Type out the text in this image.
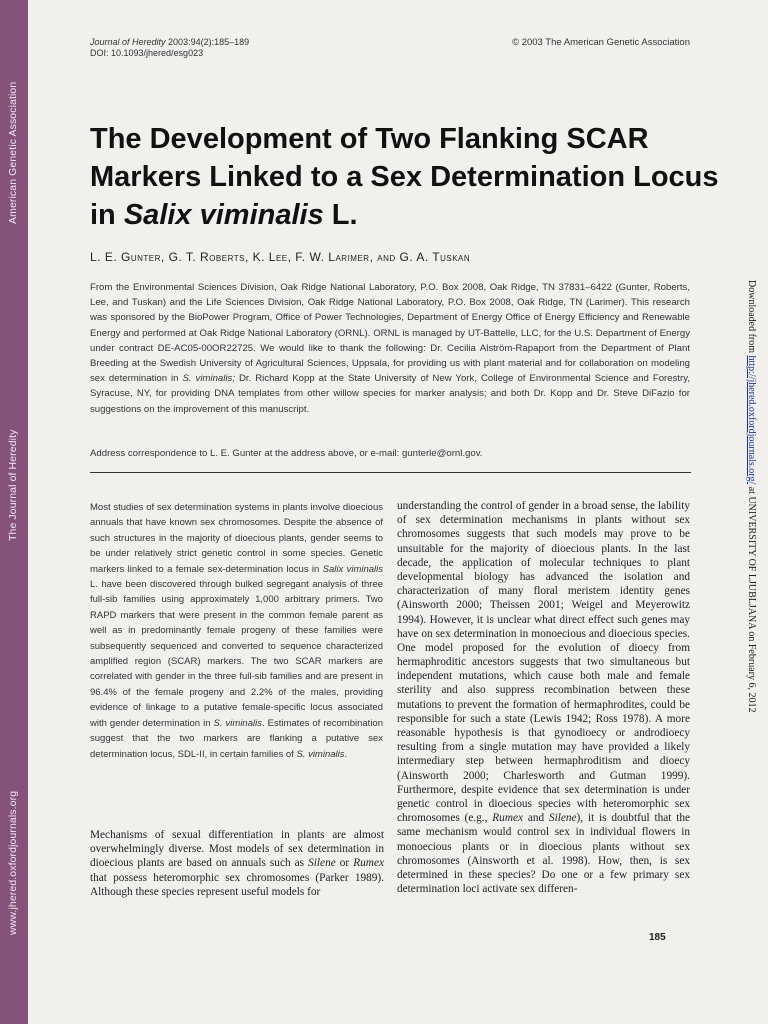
American Genetic Association
The Journal of Heredity
www.jhered.oxfordjournals.org
Journal of Heredity 2003:94(2):185–189
DOI: 10.1093/jhered/esg023
© 2003 The American Genetic Association
The Development of Two Flanking SCAR Markers Linked to a Sex Determination Locus in Salix viminalis L.
L. E. Gunter, G. T. Roberts, K. Lee, F. W. Larimer, and G. A. Tuskan
From the Environmental Sciences Division, Oak Ridge National Laboratory, P.O. Box 2008, Oak Ridge, TN 37831–6422 (Gunter, Roberts, Lee, and Tuskan) and the Life Sciences Division, Oak Ridge National Laboratory, P.O. Box 2008, Oak Ridge, TN (Larimer). This research was sponsored by the BioPower Program, Office of Power Technologies, Department of Energy Office of Energy Efficiency and Renewable Energy and performed at Oak Ridge National Laboratory (ORNL). ORNL is managed by UT-Battelle, LLC, for the U.S. Department of Energy under contract DE-AC05-00OR22725. We would like to thank the following: Dr. Cecilia Alström-Rapaport from the Department of Plant Breeding at the Swedish University of Agricultural Sciences, Uppsala, for providing us with plant material and for collaboration on modeling sex determination in S. viminalis; Dr. Richard Kopp at the State University of New York, College of Environmental Science and Forestry, Syracuse, NY, for providing DNA templates from other willow species for marker analysis; and both Dr. Kopp and Dr. Steve DiFazio for suggestions on the improvement of this manuscript.
Address correspondence to L. E. Gunter at the address above, or e-mail: gunterle@ornl.gov.
Most studies of sex determination systems in plants involve dioecious annuals that have known sex chromosomes. Despite the absence of such structures in the majority of dioecious plants, gender seems to be under relatively strict genetic control in some species. Genetic markers linked to a female sex-determination locus in Salix viminalis L. have been discovered through bulked segregant analysis of three full-sib families using approximately 1,000 arbitrary primers. Two RAPD markers that were present in the common female parent as well as in predominantly female progeny of these families were subsequently sequenced and converted to sequence characterized amplified region (SCAR) markers. The two SCAR markers are correlated with gender in the three full-sib families and are present in 96.4% of the female progeny and 2.2% of the males, providing evidence of linkage to a putative female-specific locus associated with gender determination in S. viminalis. Estimates of recombination suggest that the two markers are flanking a putative sex determination locus, SDL-II, in certain families of S. viminalis.
Mechanisms of sexual differentiation in plants are almost overwhelmingly diverse. Most models of sex determination in dioecious plants are based on annuals such as Silene or Rumex that possess heteromorphic sex chromosomes (Parker 1989). Although these species represent useful models for
understanding the control of gender in a broad sense, the lability of sex determination mechanisms in plants without sex chromosomes suggests that such models may prove to be unsuitable for the majority of dioecious plants. In the last decade, the application of molecular techniques to plant developmental biology has advanced the isolation and characterization of many floral meristem identity genes (Ainsworth 2000; Theissen 2001; Weigel and Meyerowitz 1994). However, it is unclear what direct effect such genes may have on sex determination in monoecious and dioecious species. One model proposed for the evolution of dioecy from hermaphroditic ancestors suggests that two simultaneous but independent mutations, which cause both male and female sterility and also suppress recombination between these mutations to prevent the formation of hermaphrodites, could be responsible for such a state (Lewis 1942; Ross 1978). A more reasonable hypothesis is that gynodioecy or androdioecy resulting from a single mutation may have provided a likely intermediary step between hermaphroditism and dioecy (Ainsworth 2000; Charlesworth and Gutman 1999). Furthermore, despite evidence that sex determination is under genetic control in dioecious species with heteromorphic sex chromosomes (e.g., Rumex and Silene), it is doubtful that the same mechanism would control sex in individual flowers in monoecious plants or in dioecious plants without sex chromosomes (Ainsworth et al. 1998). How, then, is sex determined in these species? Do one or a few primary sex determination loci activate sex differen-
185
Downloaded from http://jhered.oxfordjournals.org/ at UNIVERSITY OF LJUBLJANA on February 6, 2012
